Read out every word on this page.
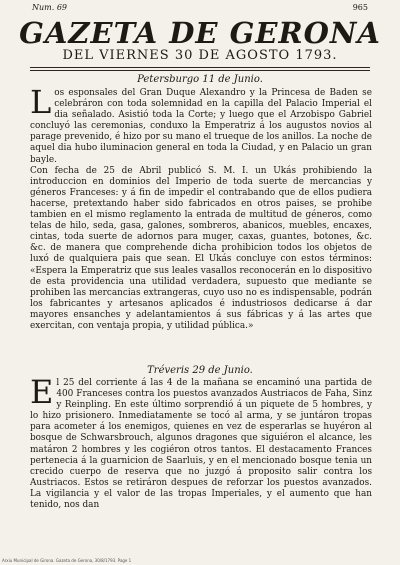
Num. 69	965
GAZETA DE GERONA
DEL VIERNES 30 DE AGOSTO 1793.
Petersburgo 11 de Junio.

Los esponsales del Gran Duque Alexandro y la Princesa de Baden se celebráron con toda solemnidad en la capilla del Palacio Imperial el dia señalado. Asistió toda la Corte; y luego que el Arzobispo Gabriel concluyó las ceremonias, conduxo la Emperatriz á los augustos novios al parage prevenido, é hizo por su mano el trueque de los anillos. La noche de aquel dia hubo iluminacion general en toda la Ciudad, y en Palacio un gran bayle.

Con fecha de 25 de Abril publicó S. M. I. un Ukás prohibiendo la introduccion en dominios del Imperio de toda suerte de mercancias y géneros Franceses: y á fin de impedir el contrabando que de ellos pudiera hacerse, pretextando haber sido fabricados en otros paises, se prohibe tambien en el mismo reglamento la entrada de multitud de géneros, como telas de hilo, seda, gasa, galones, sombreros, abanicos, muebles, encaxes, cintas, toda suerte de adornos para muger, caxas, guantes, botones, &c. &c. de manera que comprehende dicha prohibicion todos los objetos de luxó de qualquiera pais que sean. El Ukás concluye con estos términos: «Espera la Emperatriz que sus leales vasallos reconocerán en lo dispositivo de esta providencia una utilidad verdadera, supuesto que mediante se prohiben las mercancias extrangeras, cuyo uso no es indispensable, podrán los fabricantes y artesanos aplicados é industriosos dedicarse á dar mayores ensanches y adelantamientos á sus fábricas y á las artes que exercitan, con ventaja propia, y utilidad pública.»

Tréveris 29 de Junio.

El 25 del corriente á las 4 de la mañana se encaminó una partida de 400 Franceses contra los puestos avanzados Austriacos de Faha, Sinz y Reinpling. En este último sorprendió á un piquete de 5 hombres, y lo hizo prisionero. Inmediatamente se tocó al arma, y se juntáron tropas para acometer á los enemigos, quienes en vez de esperarlas se huyéron al bosque de Schwarsbrouch, algunos dragones que siguiéron el alcance, les matáron 2 hombres y les cogiéron otros tantos. El destacamento Frances pertenecia á la guarnicion de Saarluis, y en el mencionado bosque tenia un crecido cuerpo de reserva que no juzgó á proposito salir contra los Austriacos. Estos se retiráron despues de reforzar los puestos avanzados. La vigilancia y el valor de las tropas Imperiales, y el aumento que han tenido, nos dan

Arxiu Municipal de Girona. Gazeta de Gerona, 30/8/1793. Page 1
